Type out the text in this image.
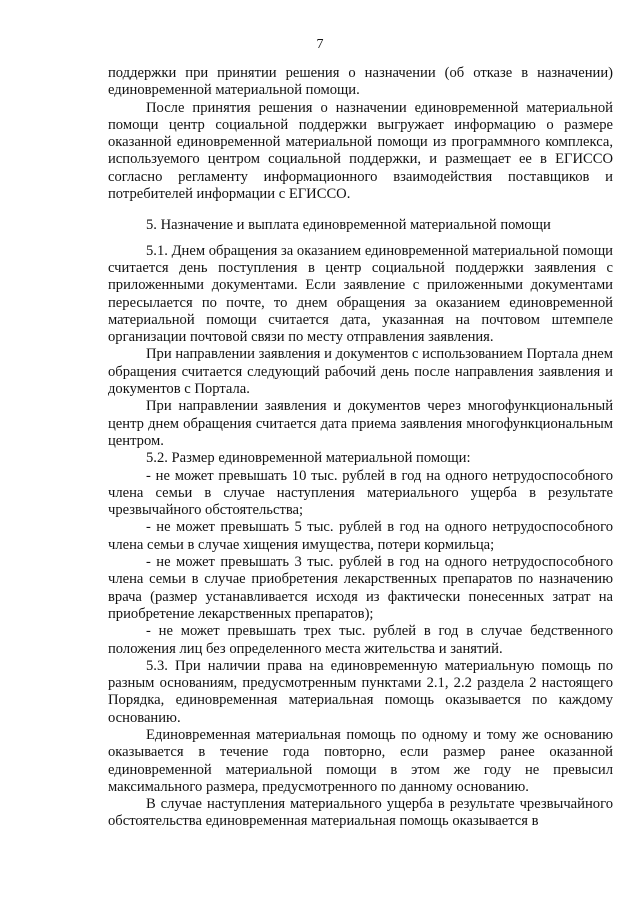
7

поддержки при принятии решения о назначении (об отказе в назначении) единовременной материальной помощи.

После принятия решения о назначении единовременной материальной помощи центр социальной поддержки выгружает информацию о размере оказанной единовременной материальной помощи из программного комплекса, используемого центром социальной поддержки, и размещает ее в ЕГИССО согласно регламенту информационного взаимодействия поставщиков и потребителей информации с ЕГИССО.

5. Назначение и выплата единовременной материальной помощи

5.1. Днем обращения за оказанием единовременной материальной помощи считается день поступления в центр социальной поддержки заявления с приложенными документами. Если заявление с приложенными документами пересылается по почте, то днем обращения за оказанием единовременной материальной помощи считается дата, указанная на почтовом штемпеле организации почтовой связи по месту отправления заявления.

При направлении заявления и документов с использованием Портала днем обращения считается следующий рабочий день после направления заявления и документов с Портала.

При направлении заявления и документов через многофункциональный центр днем обращения считается дата приема заявления многофункциональным центром.

5.2. Размер единовременной материальной помощи:

- не может превышать 10 тыс. рублей в год на одного нетрудоспособного члена семьи в случае наступления материального ущерба в результате чрезвычайного обстоятельства;

- не может превышать 5 тыс. рублей в год на одного нетрудоспособного члена семьи в случае хищения имущества, потери кормильца;

- не может превышать 3 тыс. рублей в год на одного нетрудоспособного члена семьи в случае приобретения лекарственных препаратов по назначению врача (размер устанавливается исходя из фактически понесенных затрат на приобретение лекарственных препаратов);

- не может превышать трех тыс. рублей в год в случае бедственного положения лиц без определенного места жительства и занятий.

5.3. При наличии права на единовременную материальную помощь по разным основаниям, предусмотренным пунктами 2.1, 2.2 раздела 2 настоящего Порядка, единовременная материальная помощь оказывается по каждому основанию.

Единовременная материальная помощь по одному и тому же основанию оказывается в течение года повторно, если размер ранее оказанной единовременной материальной помощи в этом же году не превысил максимального размера, предусмотренного по данному основанию.

В случае наступления материального ущерба в результате чрезвычайного обстоятельства единовременная материальная помощь оказывается в
